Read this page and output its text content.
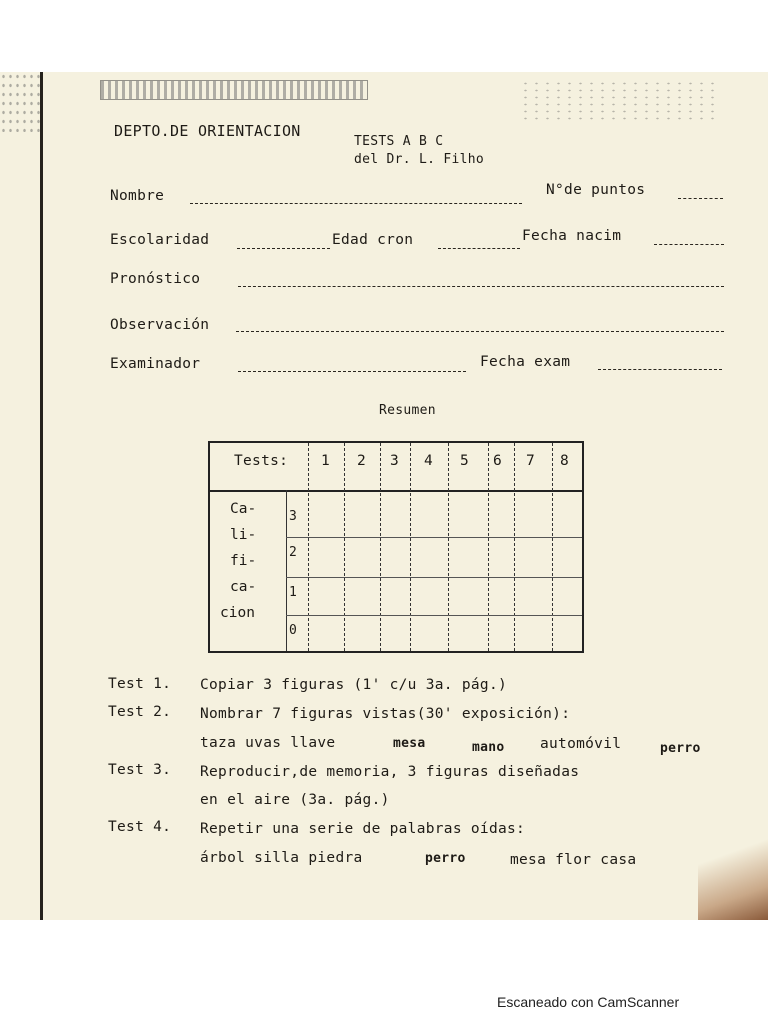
DEPTO.DE ORIENTACION
TESTS A B C
del Dr. L. Filho
Nombre	N°de puntos
Escolaridad	Edad cron	Fecha nacim
Pronóstico
Observación
Examinador	Fecha exam
Resumen
Tests: 1 2 3 4 5 6 7 8
3
2
1
0
Ca-
li-
fi-
ca-
cion
Test 1. Copiar 3 figuras (1' c/u 3a. pág.)
Test 2. Nombrar 7 figuras vistas(30' exposición):
taza uvas llave	mesa	mano automóvil	perro
Test 3. Reproducir,de memoria, 3 figuras diseñadas
en el aire (3a. pág.)
Test 4. Repetir una serie de palabras oídas:
árbol silla piedra	perro	mesa flor casa
Escaneado con CamScanner
